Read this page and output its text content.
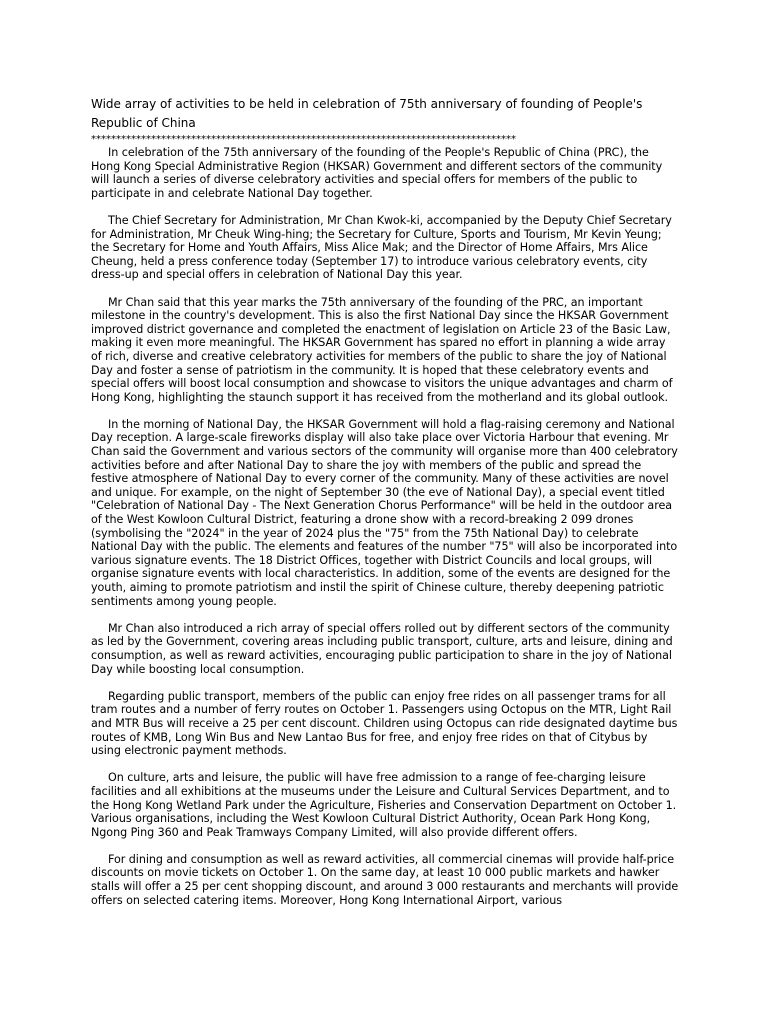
Wide array of activities to be held in celebration of 75th anniversary of founding of People's Republic of China

*************************************************************************************

In celebration of the 75th anniversary of the founding of the People's Republic of China (PRC), the Hong Kong Special Administrative Region (HKSAR) Government and different sectors of the community will launch a series of diverse celebratory activities and special offers for members of the public to participate in and celebrate National Day together.

The Chief Secretary for Administration, Mr Chan Kwok-ki, accompanied by the Deputy Chief Secretary for Administration, Mr Cheuk Wing-hing; the Secretary for Culture, Sports and Tourism, Mr Kevin Yeung; the Secretary for Home and Youth Affairs, Miss Alice Mak; and the Director of Home Affairs, Mrs Alice Cheung, held a press conference today (September 17) to introduce various celebratory events, city dress-up and special offers in celebration of National Day this year.

Mr Chan said that this year marks the 75th anniversary of the founding of the PRC, an important milestone in the country's development. This is also the first National Day since the HKSAR Government improved district governance and completed the enactment of legislation on Article 23 of the Basic Law, making it even more meaningful. The HKSAR Government has spared no effort in planning a wide array of rich, diverse and creative celebratory activities for members of the public to share the joy of National Day and foster a sense of patriotism in the community. It is hoped that these celebratory events and special offers will boost local consumption and showcase to visitors the unique advantages and charm of Hong Kong, highlighting the staunch support it has received from the motherland and its global outlook.

In the morning of National Day, the HKSAR Government will hold a flag-raising ceremony and National Day reception. A large-scale fireworks display will also take place over Victoria Harbour that evening. Mr Chan said the Government and various sectors of the community will organise more than 400 celebratory activities before and after National Day to share the joy with members of the public and spread the festive atmosphere of National Day to every corner of the community. Many of these activities are novel and unique. For example, on the night of September 30 (the eve of National Day), a special event titled "Celebration of National Day - The Next Generation Chorus Performance" will be held in the outdoor area of the West Kowloon Cultural District, featuring a drone show with a record-breaking 2 099 drones (symbolising the "2024" in the year of 2024 plus the "75" from the 75th National Day) to celebrate National Day with the public. The elements and features of the number "75" will also be incorporated into various signature events. The 18 District Offices, together with District Councils and local groups, will organise signature events with local characteristics. In addition, some of the events are designed for the youth, aiming to promote patriotism and instil the spirit of Chinese culture, thereby deepening patriotic sentiments among young people.

Mr Chan also introduced a rich array of special offers rolled out by different sectors of the community as led by the Government, covering areas including public transport, culture, arts and leisure, dining and consumption, as well as reward activities, encouraging public participation to share in the joy of National Day while boosting local consumption.

Regarding public transport, members of the public can enjoy free rides on all passenger trams for all tram routes and a number of ferry routes on October 1. Passengers using Octopus on the MTR, Light Rail and MTR Bus will receive a 25 per cent discount. Children using Octopus can ride designated daytime bus routes of KMB, Long Win Bus and New Lantao Bus for free, and enjoy free rides on that of Citybus by using electronic payment methods.

On culture, arts and leisure, the public will have free admission to a range of fee-charging leisure facilities and all exhibitions at the museums under the Leisure and Cultural Services Department, and to the Hong Kong Wetland Park under the Agriculture, Fisheries and Conservation Department on October 1. Various organisations, including the West Kowloon Cultural District Authority, Ocean Park Hong Kong, Ngong Ping 360 and Peak Tramways Company Limited, will also provide different offers.

For dining and consumption as well as reward activities, all commercial cinemas will provide half-price discounts on movie tickets on October 1. On the same day, at least 10 000 public markets and hawker stalls will offer a 25 per cent shopping discount, and around 3 000 restaurants and merchants will provide offers on selected catering items. Moreover, Hong Kong International Airport, various
